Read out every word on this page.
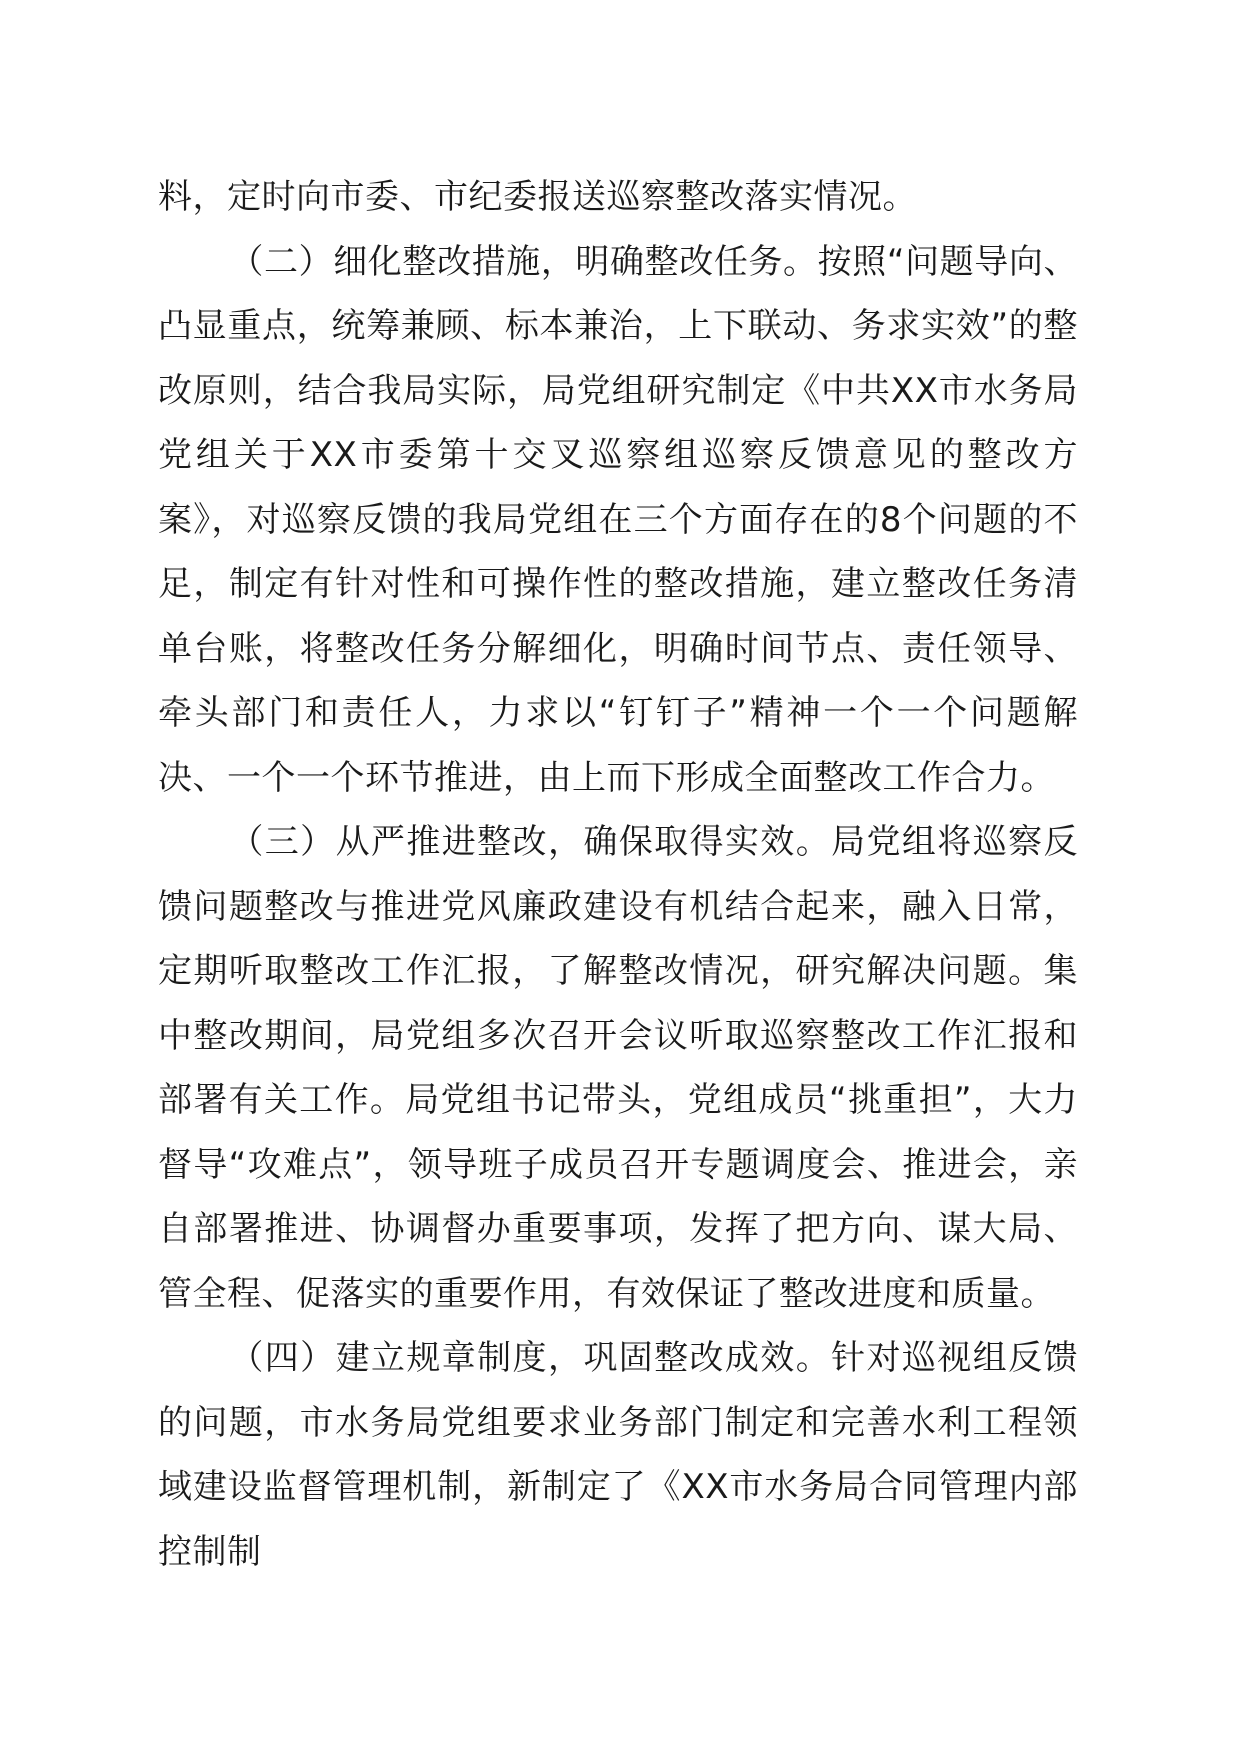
料，定时向市委、市纪委报送巡察整改落实情况。

（二）细化整改措施，明确整改任务。按照“问题导向、凸显重点，统筹兼顾、标本兼治，上下联动、务求实效”的整改原则，结合我局实际，局党组研究制定《中共XX市水务局党组关于XX市委第十交叉巡察组巡察反馈意见的整改方案》，对巡察反馈的我局党组在三个方面存在的8个问题的不足，制定有针对性和可操作性的整改措施，建立整改任务清单台账，将整改任务分解细化，明确时间节点、责任领导、牵头部门和责任人，力求以“钉钉子”精神一个一个问题解决、一个一个环节推进，由上而下形成全面整改工作合力。

（三）从严推进整改，确保取得实效。局党组将巡察反馈问题整改与推进党风廉政建设有机结合起来，融入日常，定期听取整改工作汇报，了解整改情况，研究解决问题。集中整改期间，局党组多次召开会议听取巡察整改工作汇报和部署有关工作。局党组书记带头，党组成员“挑重担”，大力督导“攻难点”，领导班子成员召开专题调度会、推进会，亲自部署推进、协调督办重要事项，发挥了把方向、谋大局、管全程、促落实的重要作用，有效保证了整改进度和质量。

（四）建立规章制度，巩固整改成效。针对巡视组反馈的问题，市水务局党组要求业务部门制定和完善水利工程领域建设监督管理机制，新制定了《XX市水务局合同管理内部控制制
